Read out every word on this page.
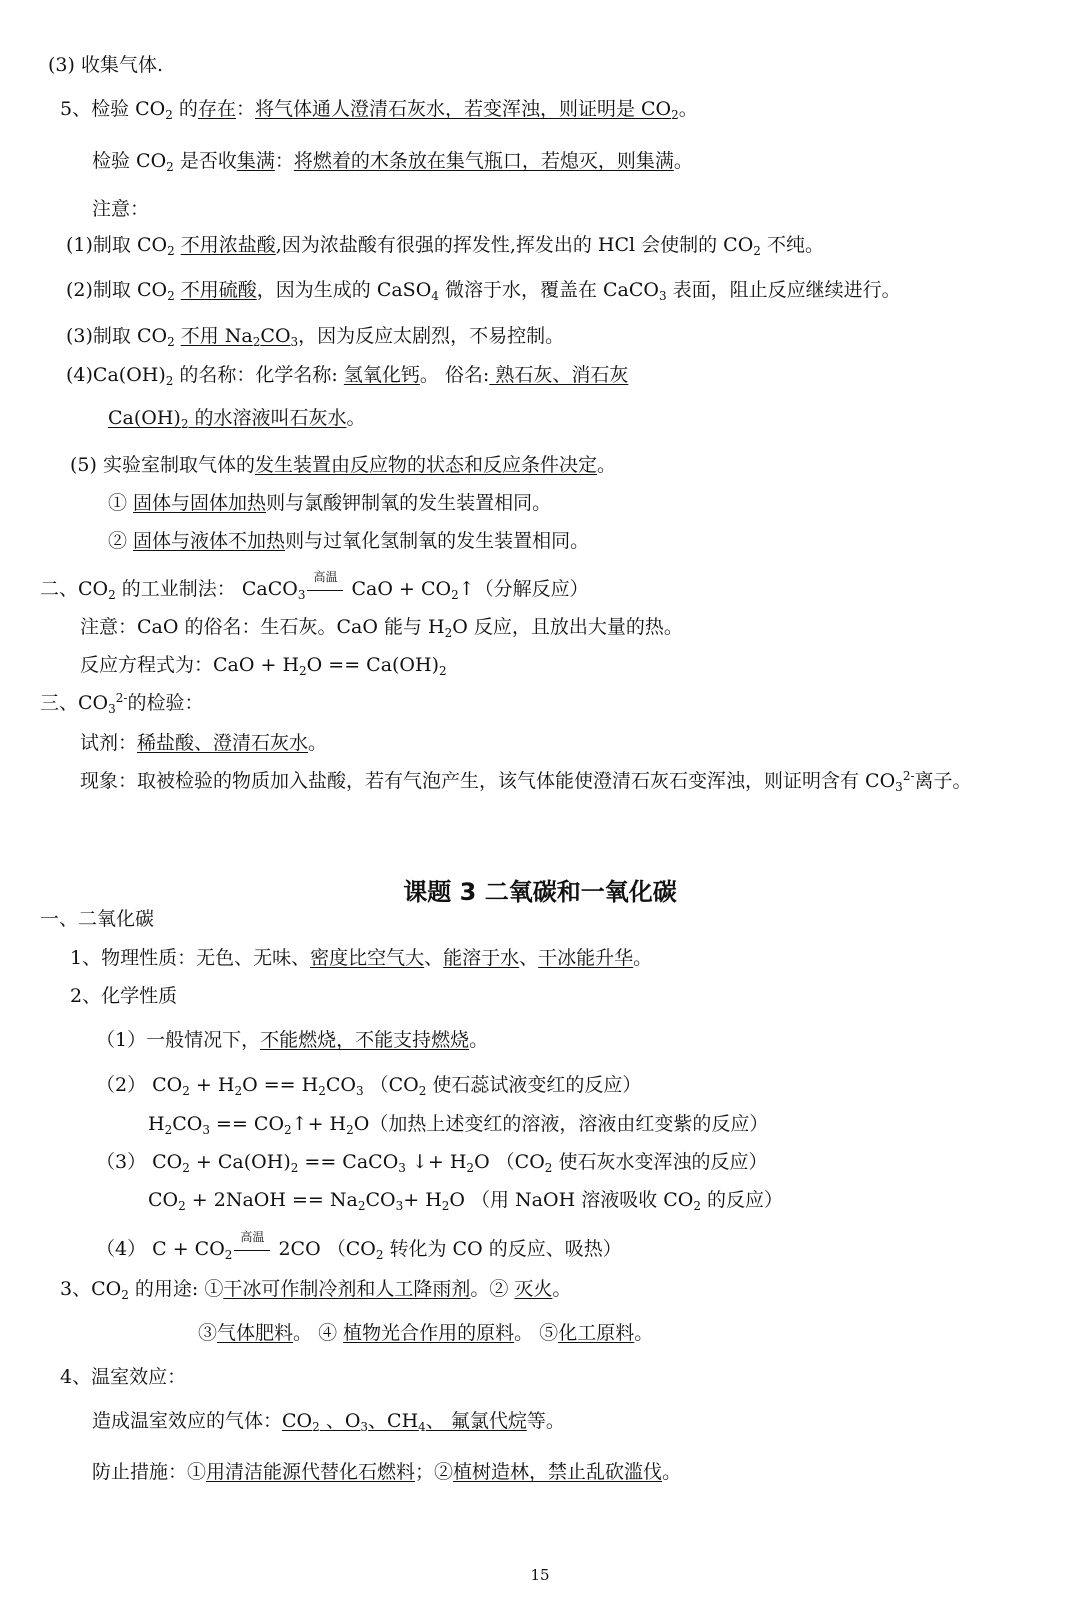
(3) 收集气体.
5、检验 $CO_2$ 的存在：将气体通人澄清石灰水，若变浑浊，则证明是 $CO_2$。
检验 $CO_2$ 是否收集满：将燃着的木条放在集气瓶口，若熄灭，则集满。
注意：
(1)制取 $CO_2$ 不用浓盐酸,因为浓盐酸有很强的挥发性,挥发出的 HCl 会使制的 $CO_2$ 不纯。
(2)制取 $CO_2$ 不用硫酸，因为生成的 CaSO$_4$ 微溶于水，覆盖在 CaCO$_3$ 表面，阻止反应继续进行。
(3)制取 $CO_2$ 不用 $Na_2CO_3$，因为反应太剧烈，不易控制。
$(4)Ca(OH)_2$ 的名称：化学名称: 氢氧化钙。 俗名: 熟石灰、消石灰
$Ca(OH)_2$ 的水溶液叫石灰水。
(5) 实验室制取气体的发生装置由反应物的状态和反应条件决定。
① 固体与固体加热则与氯酸钾制氧的发生装置相同。
② 固体与液体不加热则与过氧化氢制氧的发生装置相同。
二、$CO_2$ 的工业制法： CaCO$_3$
高温
CaO + $CO_2↑$（分解反应）
注意：CaO 的俗名：生石灰。CaO 能与 $H_2O$ 反应，且放出大量的热。
反应方程式为：CaO + $H_2O == Ca(OH)_2$
三、$CO_3^{2-}$的检验：
试剂：稀盐酸、澄清石灰水。
现象：取被检验的物质加入盐酸，若有气泡产生，该气体能使澄清石灰石变浑浊，则证明含有 $CO_3^{2-}$离子。
课题 3 二氧碳和一氧化碳
一、二氧化碳
1、物理性质：无色、无味、密度比空气大、能溶于水、干冰能升华。
2、化学性质
（1）一般情况下，不能燃烧，不能支持燃烧。
（2） $CO_2 + H_2O == H_2CO_3$ （$CO_2$ 使石蕊试液变红的反应）
$H_2CO_3$ == $CO_2↑+ H_2O$（加热上述变红的溶液，溶液由红变紫的反应）
（3） $CO_2 + Ca(OH)_2$ == CaCO$_3$ ↓+ $H_2O$ （$CO_2$ 使石灰水变浑浊的反应）
$CO_2$ + 2NaOH == $Na_2CO_3+ H_2O$ （用 NaOH 溶液吸收 $CO_2$ 的反应）
（4） $C + CO_2$
高温
2CO （$CO_2$ 转化为 CO 的反应、吸热）
3、$CO_2$ 的用途: ①干冰可作制冷剂和人工降雨剂。② 灭火。
③气体肥料。 ④ 植物光合作用的原料。 ⑤化工原料。
4、温室效应：
造成温室效应的气体：$CO_2$ 、$O_3$、$CH_4$、 氟氯代烷等。
防止措施：①用清洁能源代替化石燃料；②植树造林，禁止乱砍滥伐。
15
